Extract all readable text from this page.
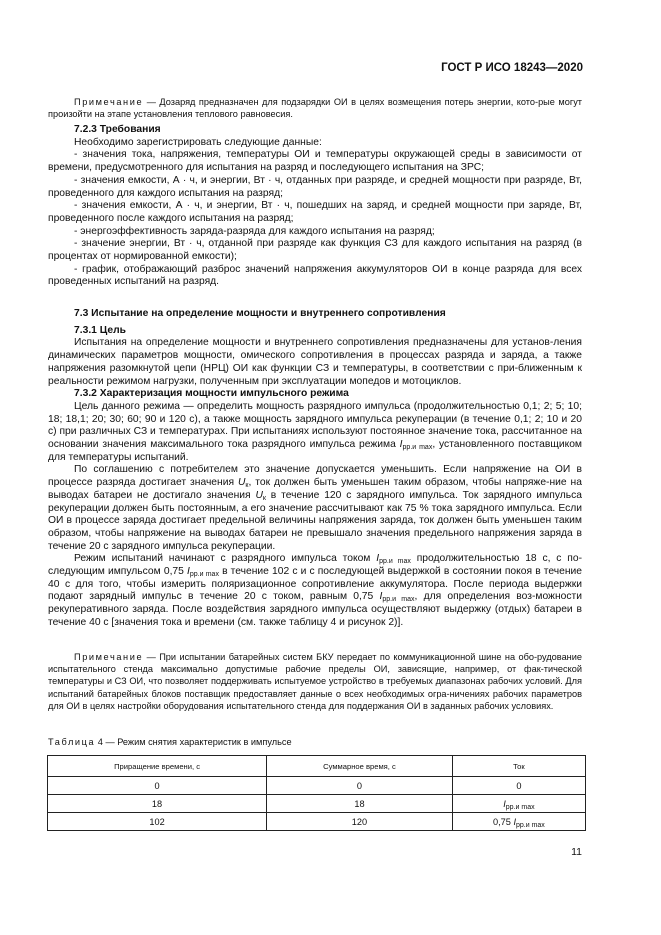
ГОСТ Р ИСО 18243—2020
Примечание — Дозаряд предназначен для подзарядки ОИ в целях возмещения потерь энергии, кото-рые могут произойти на этапе установления теплового равновесия.

7.2.3 Требования

Необходимо зарегистрировать следующие данные:

- значения тока, напряжения, температуры ОИ и температуры окружающей среды в зависимости от времени, предусмотренного для испытания на разряд и последующего испытания на ЗРС;

- значения емкости, А · ч, и энергии, Вт · ч, отданных при разряде, и средней мощности при разряде, Вт, проведенного для каждого испытания на разряд;

- значения емкости, А · ч, и энергии, Вт · ч, пошедших на заряд, и средней мощности при заряде, Вт, проведенного после каждого испытания на разряд;

- энергоэффективность заряда-разряда для каждого испытания на разряд;

- значение энергии, Вт · ч, отданной при разряде как функция СЗ для каждого испытания на разряд (в процентах от нормированной емкости);

- график, отображающий разброс значений напряжения аккумуляторов ОИ в конце разряда для всех проведенных испытаний на разряд.

7.3 Испытание на определение мощности и внутреннего сопротивления

7.3.1 Цель

Испытания на определение мощности и внутреннего сопротивления предназначены для установ-ления динамических параметров мощности, омического сопротивления в процессах разряда и заряда, а также напряжения разомкнутой цепи (НРЦ) ОИ как функции СЗ и температуры, в соответствии с при-ближенным к реальности режимом нагрузки, полученным при эксплуатации мопедов и мотоциклов.

7.3.2 Характеризация мощности импульсного режима

Цель данного режима — определить мощность разрядного импульса (продолжительностью 0,1; 2; 5; 10; 18; 18,1; 20; 30; 60; 90 и 120 с), а также мощность зарядного импульса рекуперации (в течение 0,1; 2; 10 и 20 с) при различных СЗ и температурах. При испытаниях используют постоянное значение тока, рассчитанное на основании значения максимального тока разрядного импульса режима $I_{рр.и max}$, установленного поставщиком для температуры испытаний.

По соглашению с потребителем это значение допускается уменьшить. Если напряжение на ОИ в процессе разряда достигает значения $U_к$, ток должен быть уменьшен таким образом, чтобы напряже-ние на выводах батареи не достигало значения $U_к$ в течение 120 с зарядного импульса. Ток зарядного импульса рекуперации должен быть постоянным, а его значение рассчитывают как 75 % тока зарядного импульса. Если ОИ в процессе заряда достигает предельной величины напряжения заряда, ток должен быть уменьшен таким образом, чтобы напряжение на выводах батареи не превышало значения предельного напряжения заряда в течение 20 с зарядного импульса рекуперации.

Режим испытаний начинают с разрядного импульса током $I_{рр.и max}$ продолжительностью 18 с, с по-следующим импульсом 0,75 $I_{рр.и max}$ в течение 102 с и с последующей выдержкой в состоянии покоя в течение 40 с для того, чтобы измерить поляризационное сопротивление аккумулятора. После периода выдержки подают зарядный импульс в течение 20 с током, равным 0,75 $I_{рр.и max}$, для определения воз-можности рекуперативного заряда. После воздействия зарядного импульса осуществляют выдержку (отдых) батареи в течение 40 с [значения тока и времени (см. также таблицу 4 и рисунок 2)].

Примечание — При испытании батарейных систем БКУ передает по коммуникационной шине на обо-рудование испытательного стенда максимально допустимые рабочие пределы ОИ, зависящие, например, от фак-тической температуры и СЗ ОИ, что позволяет поддерживать испытуемое устройство в требуемых диапазонах рабочих условий. Для испытаний батарейных блоков поставщик предоставляет данные о всех необходимых огра-ничениях рабочих параметров для ОИ в целях настройки оборудования испытательного стенда для поддержания ОИ в заданных рабочих условиях.
Таблица 4 — Режим снятия характеристик в импульсе
Приращение времени, с	Суммарное время, с	Ток
0	0	0
18	18	$I_{рр.и max}$
102	120	0,75 $I_{рр.и max}$
11
